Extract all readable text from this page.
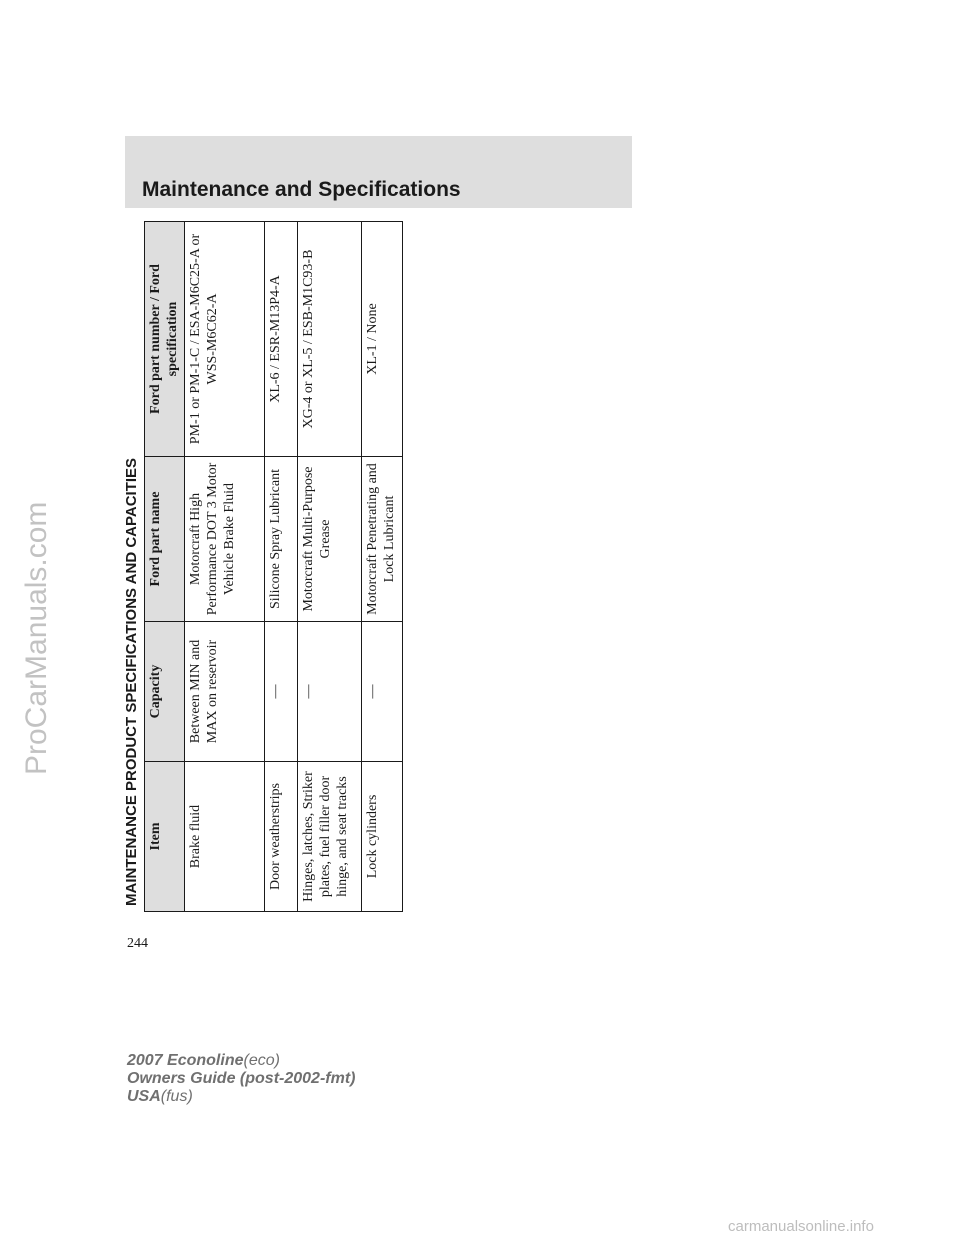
Maintenance and Specifications
ProCarManuals.com	MAINTENANCE PRODUCT SPECIFICATIONS AND CAPACITIES Item	Capacity	Ford part name	Ford part number / Ford specification
Brake fluid	Between MIN and MAX on reservoir	Motorcraft High Performance DOT 3 Motor Vehicle Brake Fluid	PM-1 or PM-1-C / ESA-M6C25-A or WSS-M6C62-A
Door weatherstrips	—	Silicone Spray Lubricant	XL-6 / ESR-M13P4-A
Hinges, latches, Striker plates, fuel filler door hinge, and seat tracks	—	Motorcraft Multi-Purpose Grease	XG-4 or XL-5 / ESB-M1C93-B
Lock cylinders	—	Motorcraft Penetrating and Lock Lubricant	XL-1 / None

244

2007 Econoline(eco)
Owners Guide (post-2002-fmt)
USA(fus)
carmanualsonline.info
